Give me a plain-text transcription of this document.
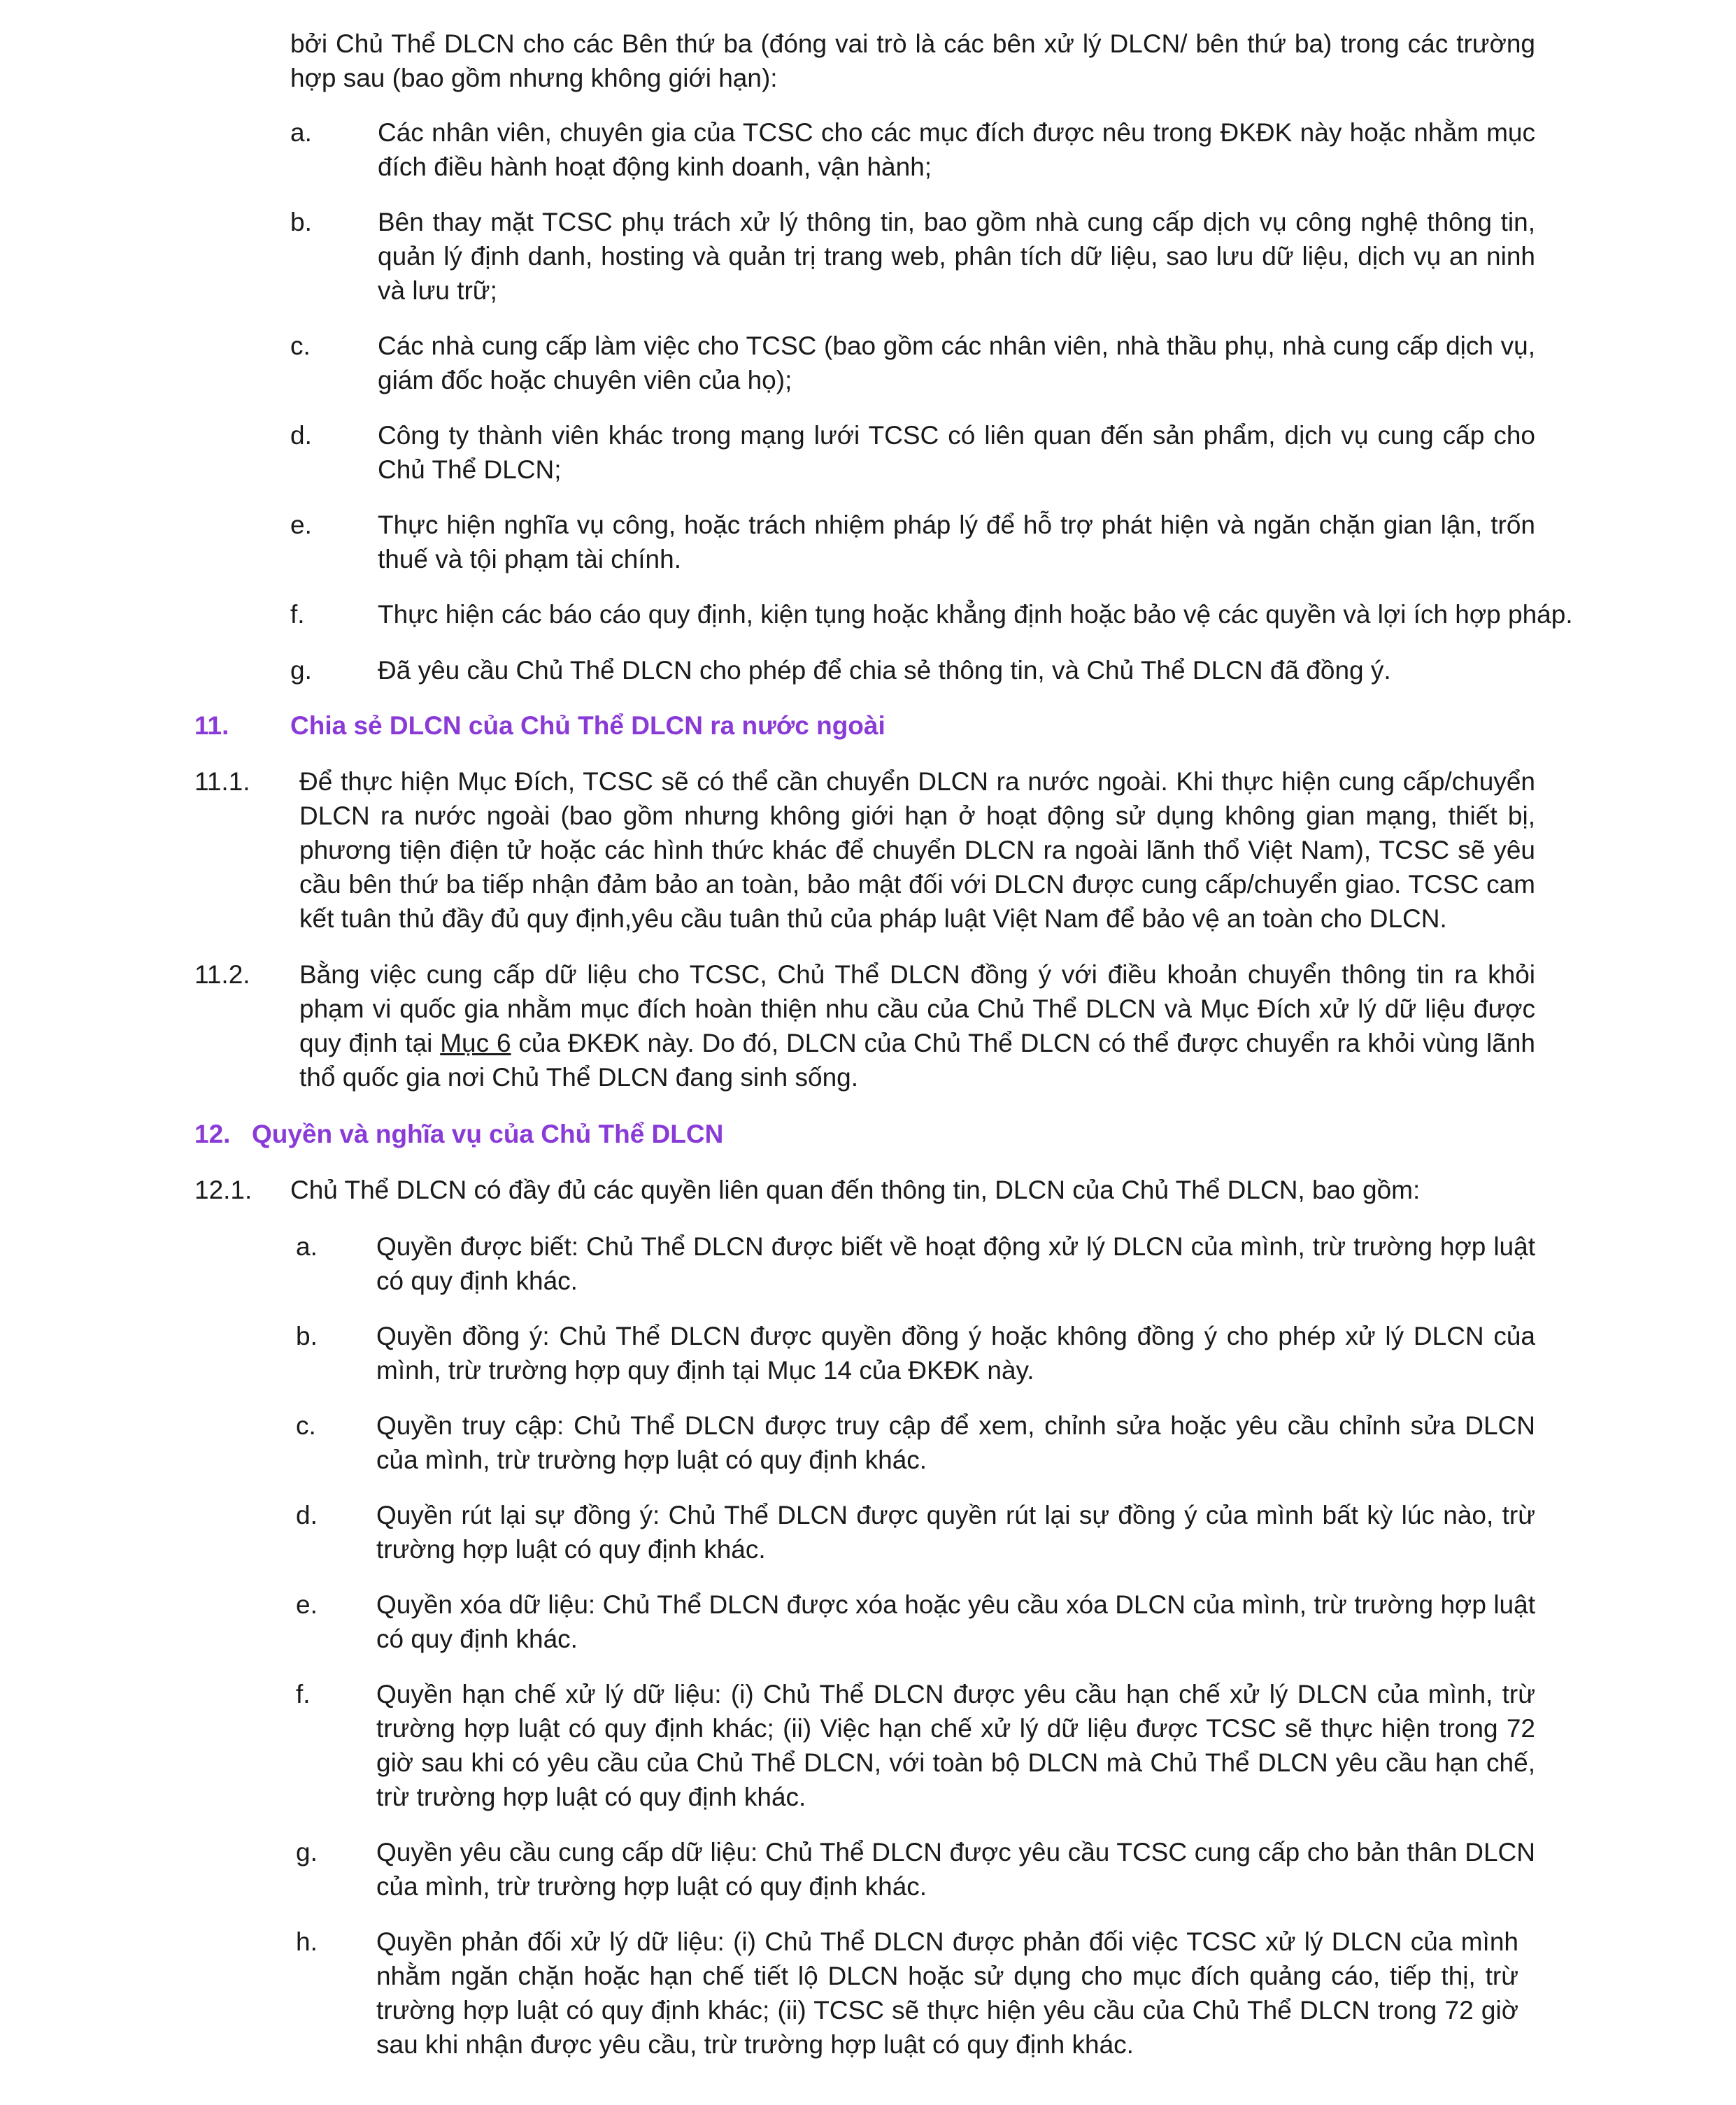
bởi Chủ Thể DLCN cho các Bên thứ ba (đóng vai trò là các bên xử lý DLCN/ bên thứ ba) trong các trường hợp sau (bao gồm nhưng không giới hạn):
a.	Các nhân viên, chuyên gia của TCSC cho các mục đích được nêu trong ĐKĐK này hoặc nhằm mục đích điều hành hoạt động kinh doanh, vận hành;
b.	Bên thay mặt TCSC phụ trách xử lý thông tin, bao gồm nhà cung cấp dịch vụ công nghệ thông tin, quản lý định danh, hosting và quản trị trang web, phân tích dữ liệu, sao lưu dữ liệu, dịch vụ an ninh và lưu trữ;
c.	Các nhà cung cấp làm việc cho TCSC (bao gồm các nhân viên, nhà thầu phụ, nhà cung cấp dịch vụ, giám đốc hoặc chuyên viên của họ);
d.	Công ty thành viên khác trong mạng lưới TCSC có liên quan đến sản phẩm, dịch vụ cung cấp cho Chủ Thể DLCN;
e.	Thực hiện nghĩa vụ công, hoặc trách nhiệm pháp lý để hỗ trợ phát hiện và ngăn chặn gian lận, trốn thuế và tội phạm tài chính.
f.	Thực hiện các báo cáo quy định, kiện tụng hoặc khẳng định hoặc bảo vệ các quyền và lợi ích hợp pháp.
g.	Đã yêu cầu Chủ Thể DLCN cho phép để chia sẻ thông tin, và Chủ Thể DLCN đã đồng ý.
11. Chia sẻ DLCN của Chủ Thể DLCN ra nước ngoài
11.1. Để thực hiện Mục Đích, TCSC sẽ có thể cần chuyển DLCN ra nước ngoài. Khi thực hiện cung cấp/chuyển DLCN ra nước ngoài (bao gồm nhưng không giới hạn ở hoạt động sử dụng không gian mạng, thiết bị, phương tiện điện tử hoặc các hình thức khác để chuyển DLCN ra ngoài lãnh thổ Việt Nam), TCSC sẽ yêu cầu bên thứ ba tiếp nhận đảm bảo an toàn, bảo mật đối với DLCN được cung cấp/chuyển giao. TCSC cam kết tuân thủ đầy đủ quy định,yêu cầu tuân thủ của pháp luật Việt Nam để bảo vệ an toàn cho DLCN.
11.2. Bằng việc cung cấp dữ liệu cho TCSC, Chủ Thể DLCN đồng ý với điều khoản chuyển thông tin ra khỏi phạm vi quốc gia nhằm mục đích hoàn thiện nhu cầu của Chủ Thể DLCN và Mục Đích xử lý dữ liệu được quy định tại Mục 6 của ĐKĐK này. Do đó, DLCN của Chủ Thể DLCN có thể được chuyển ra khỏi vùng lãnh thổ quốc gia nơi Chủ Thể DLCN đang sinh sống.
12. Quyền và nghĩa vụ của Chủ Thể DLCN
12.1. Chủ Thể DLCN có đầy đủ các quyền liên quan đến thông tin, DLCN của Chủ Thể DLCN, bao gồm:
a. Quyền được biết: Chủ Thể DLCN được biết về hoạt động xử lý DLCN của mình, trừ trường hợp luật có quy định khác.
b. Quyền đồng ý: Chủ Thể DLCN được quyền đồng ý hoặc không đồng ý cho phép xử lý DLCN của mình, trừ trường hợp quy định tại Mục 14 của ĐKĐK này.
c. Quyền truy cập: Chủ Thể DLCN được truy cập để xem, chỉnh sửa hoặc yêu cầu chỉnh sửa DLCN của mình, trừ trường hợp luật có quy định khác.
d. Quyền rút lại sự đồng ý: Chủ Thể DLCN được quyền rút lại sự đồng ý của mình bất kỳ lúc nào, trừ trường hợp luật có quy định khác.
e. Quyền xóa dữ liệu: Chủ Thể DLCN được xóa hoặc yêu cầu xóa DLCN của mình, trừ trường hợp luật có quy định khác.
f.	Quyền hạn chế xử lý dữ liệu: (i) Chủ Thể DLCN được yêu cầu hạn chế xử lý DLCN của mình, trừ trường hợp luật có quy định khác; (ii) Việc hạn chế xử lý dữ liệu được TCSC sẽ thực hiện trong 72 giờ sau khi có yêu cầu của Chủ Thể DLCN, với toàn bộ DLCN mà Chủ Thể DLCN yêu cầu hạn chế, trừ trường hợp luật có quy định khác.
g. Quyền yêu cầu cung cấp dữ liệu: Chủ Thể DLCN được yêu cầu TCSC cung cấp cho bản thân DLCN của mình, trừ trường hợp luật có quy định khác.
h. Quyền phản đối xử lý dữ liệu: (i) Chủ Thể DLCN được phản đối việc TCSC xử lý DLCN của mình nhằm ngăn chặn hoặc hạn chế tiết lộ DLCN hoặc sử dụng cho mục đích quảng cáo, tiếp thị, trừ trường hợp luật có quy định khác; (ii) TCSC sẽ thực hiện yêu cầu của Chủ Thể DLCN trong 72 giờ sau khi nhận được yêu cầu, trừ trường hợp luật có quy định khác.
